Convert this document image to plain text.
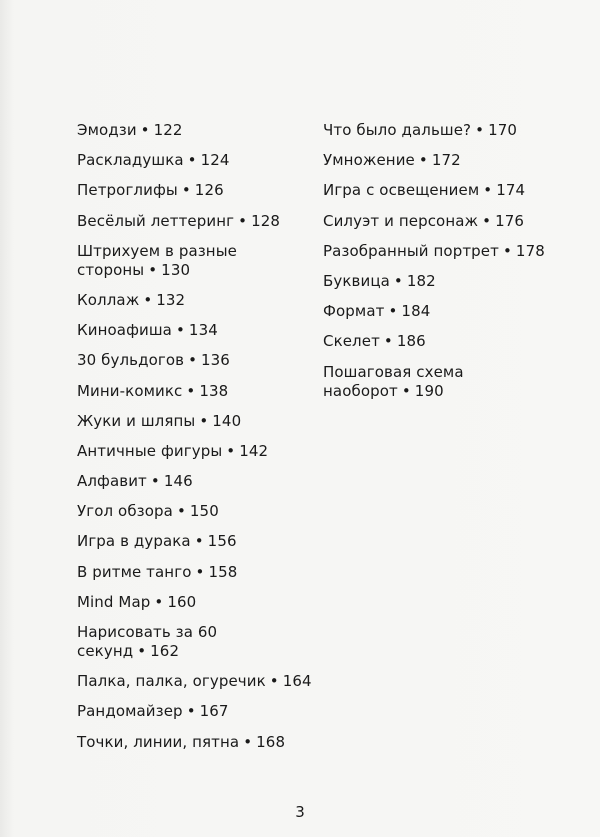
Эмодзи • 122
Раскладушка • 124
Петроглифы • 126
Весёлый леттеринг • 128
Штрихуем в разные
стороны • 130
Коллаж • 132
Киноафиша • 134
30 бульдогов • 136
Мини-комикс • 138
Жуки и шляпы • 140
Античные фигуры • 142
Алфавит • 146
Угол обзора • 150
Игра в дурака • 156
В ритме танго • 158
Mind Map • 160
Нарисовать за 60
секунд • 162
Палка, палка, огуречик • 164
Рандомайзер • 167
Точки, линии, пятна • 168
Что было дальше? • 170
Умножение • 172
Игра с освещением • 174
Силуэт и персонаж • 176
Разобранный портрет • 178
Буквица • 182
Формат • 184
Скелет • 186
Пошаговая схема
наоборот • 190
3
